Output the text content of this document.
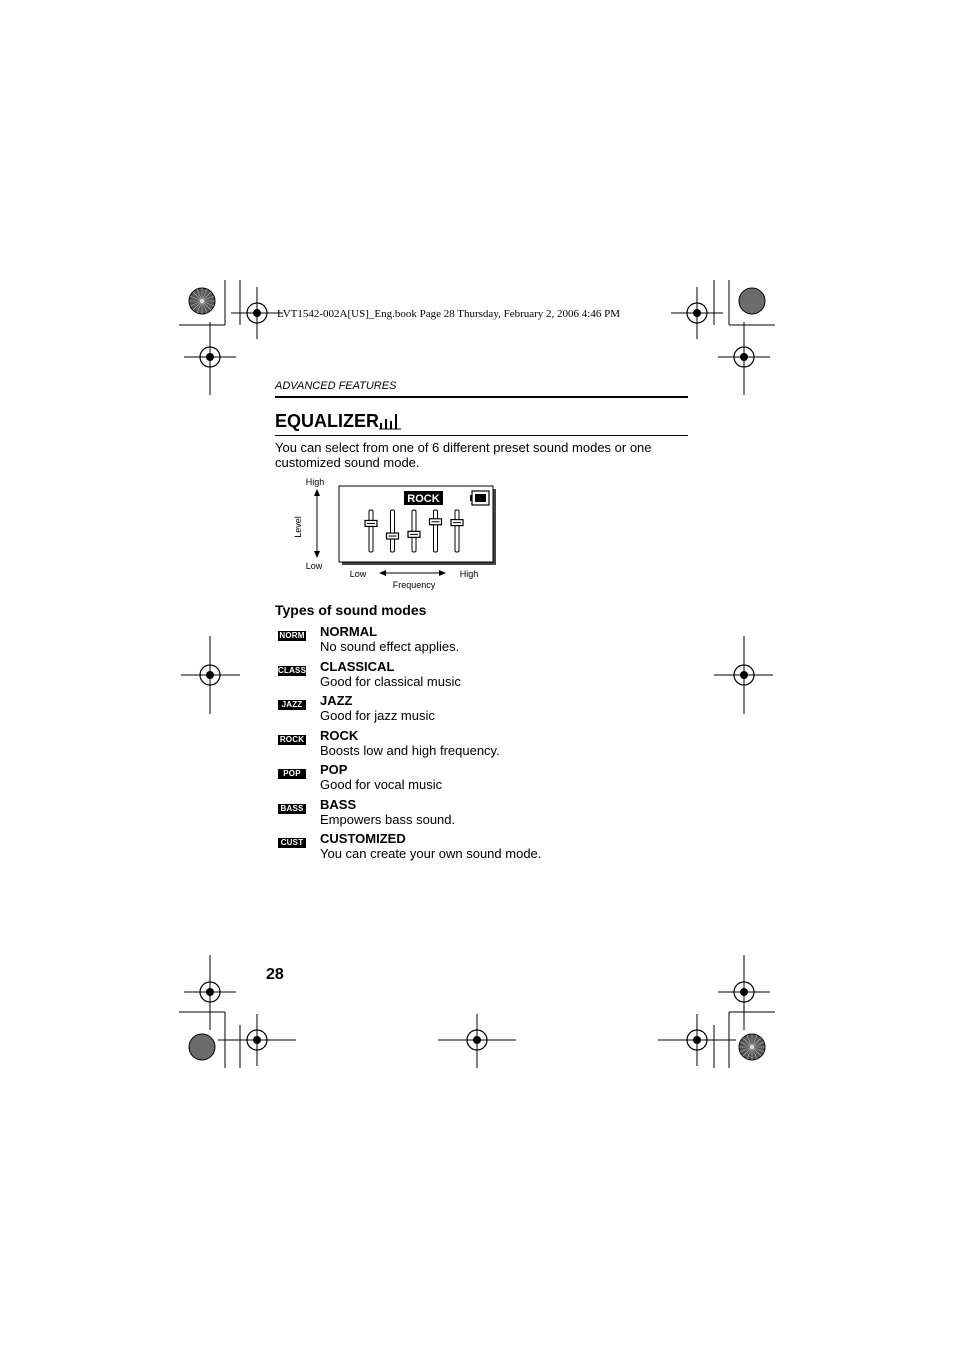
LVT1542-002A[US]_Eng.book Page 28 Thursday, February 2, 2006 4:46 PM
ADVANCED FEATURES
EQUALIZER
You can select from one of 6 different preset sound modes or one customized sound mode.
High
Low
Level
ROCK
Low	High
Frequency
Types of sound modes
NORM NORMAL
No sound effect applies.
CLASS CLASSICAL
Good for classical music
JAZZ JAZZ
Good for jazz music
ROCK ROCK
Boosts low and high frequency.
POP	POP
Good for vocal music
BASS BASS
Empowers bass sound.
CUST CUSTOMIZED
You can create your own sound mode.
28
